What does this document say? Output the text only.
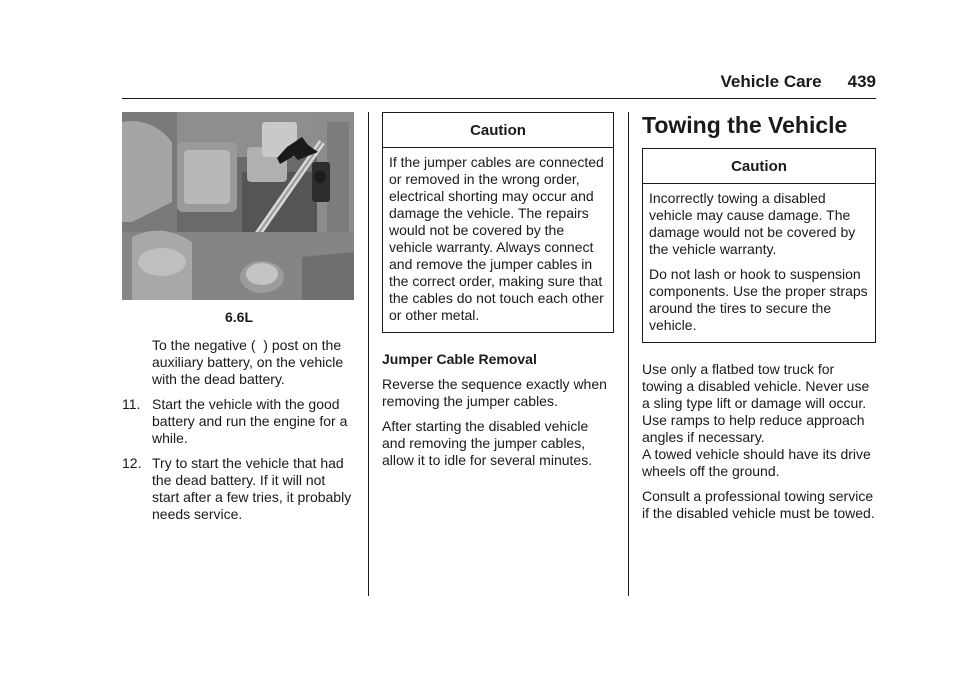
Vehicle Care 439
6.6L

To the negative (  ) post on the auxiliary battery, on the vehicle with the dead battery.

11. Start the vehicle with the good battery and run the engine for a while.
12. Try to start the vehicle that had the dead battery. If it will not start after a few tries, it probably needs service.
Caution

If the jumper cables are connected or removed in the wrong order, electrical shorting may occur and damage the vehicle. The repairs would not be covered by the vehicle warranty. Always connect and remove the jumper cables in the correct order, making sure that the cables do not touch each other or other metal.

Jumper Cable Removal

Reverse the sequence exactly when removing the jumper cables.

After starting the disabled vehicle and removing the jumper cables, allow it to idle for several minutes.

Towing the Vehicle
Caution

Incorrectly towing a disabled vehicle may cause damage. The damage would not be covered by the vehicle warranty.

Do not lash or hook to suspension components. Use the proper straps around the tires to secure the vehicle.

Use only a flatbed tow truck for towing a disabled vehicle. Never use a sling type lift or damage will occur. Use ramps to help reduce approach angles if necessary.
A towed vehicle should have its drive wheels off the ground.

Consult a professional towing service if the disabled vehicle must be towed.
